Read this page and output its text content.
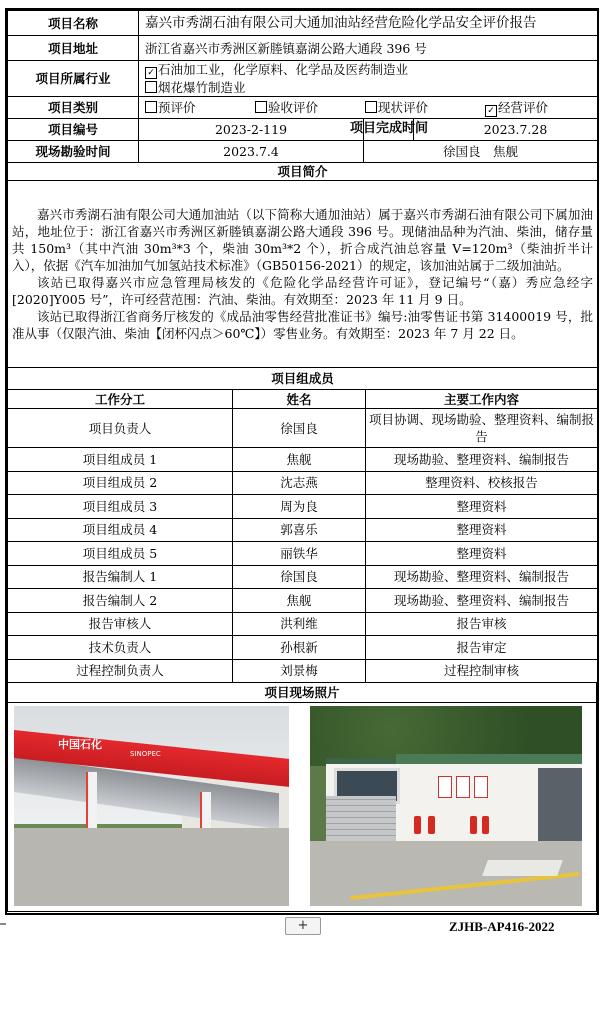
项目名称	嘉兴市秀湖石油有限公司大通加油站经营危险化学品安全评价报告		
项目地址	浙江省嘉兴市秀洲区新塍镇嘉湖公路大通段 396 号		
项目所属行业	✓ 石油加工业，化学原料、化学品及医药制造业
烟花爆竹制造业		

项目类别	预评价 验收评价 现状评价 ✓ 经营评价		
项目编号	2023-2-119	项目完成时间	2023.7.28
现场勘验时间	2023.7.4	徐国良　焦舰	
项目简介			

嘉兴市秀湖石油有限公司大通加油站（以下简称大通加油站）属于嘉兴市秀湖石油有限公司下属加油站，地址位于：浙江省嘉兴市秀洲区新塍镇嘉湖公路大通段 396 号。现储油品种为汽油、柴油，储存量共 150m³（其中汽油 30m³*3 个，柴油 30m³*2 个），折合成汽油总容量 V=120m³（柴油折半计入），依据《汽车加油加气加氢站技术标准》（GB50156-2021）的规定，该加油站属于二级加油站。

该站已取得嘉兴市应急管理局核发的《危险化学品经营许可证》，登记编号“（嘉）秀应急经字[2020]Y005 号”，许可经营范围：汽油、柴油。有效期至：2023 年 11 月 9 日。

该站已取得浙江省商务厅核发的《成品油零售经营批准证书》编号:油零售证书第 31400019 号，批准从事（仅限汽油、柴油【闭杯闪点＞60℃】）零售业务。有效期至：2023 年 7 月 22 日。			

项目组成员			
工作分工	姓名	主要工作内容
项目负责人	徐国良	项目协调、现场勘验、整理资料、编制报告
项目组成员 1	焦舰	现场勘验、整理资料、编制报告
项目组成员 2	沈志燕	整理资料、校核报告
项目组成员 3	周为良	整理资料
项目组成员 4	郭喜乐	整理资料
项目组成员 5	丽铁华	整理资料
报告编制人 1	徐国良	现场勘验、整理资料、编制报告
报告编制人 2	焦舰	现场勘验、整理资料、编制报告
报告审核人	洪利维	报告审核
技术负责人	孙根新	报告审定
过程控制负责人	刘景梅	过程控制审核
项目现场照片

中国石化
SINOPEC
+	ZJHB-AP416-2022
